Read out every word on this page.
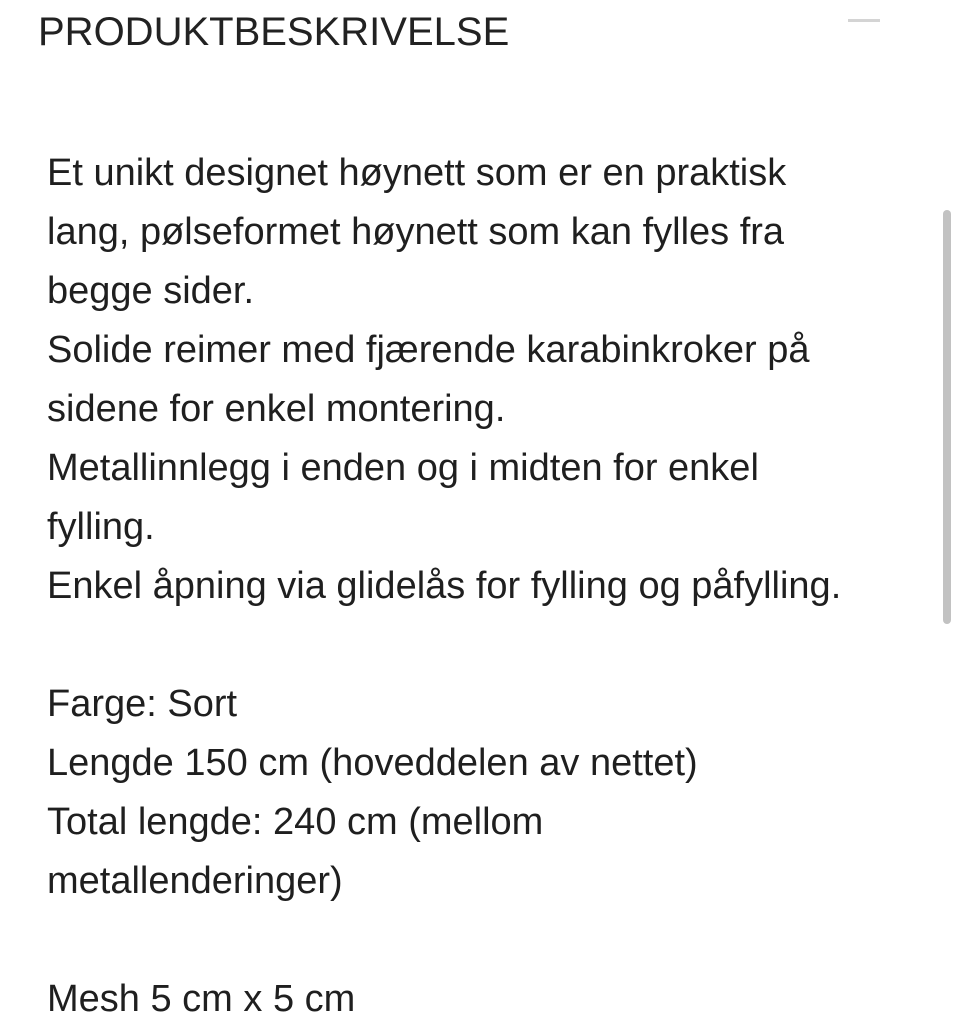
PRODUKTBESKRIVELSE

Et unikt designet høynett som er en praktisk

lang, pølseformet høynett som kan fylles fra

begge sider.

Solide reimer med fjærende karabinkroker på

sidene for enkel montering.

Metallinnlegg i enden og i midten for enkel

fylling.

Enkel åpning via glidelås for fylling og påfylling.

Farge: Sort

Lengde 150 cm (hoveddelen av nettet)

Total lengde: 240 cm (mellom

metallenderinger)

Mesh 5 cm x 5 cm
